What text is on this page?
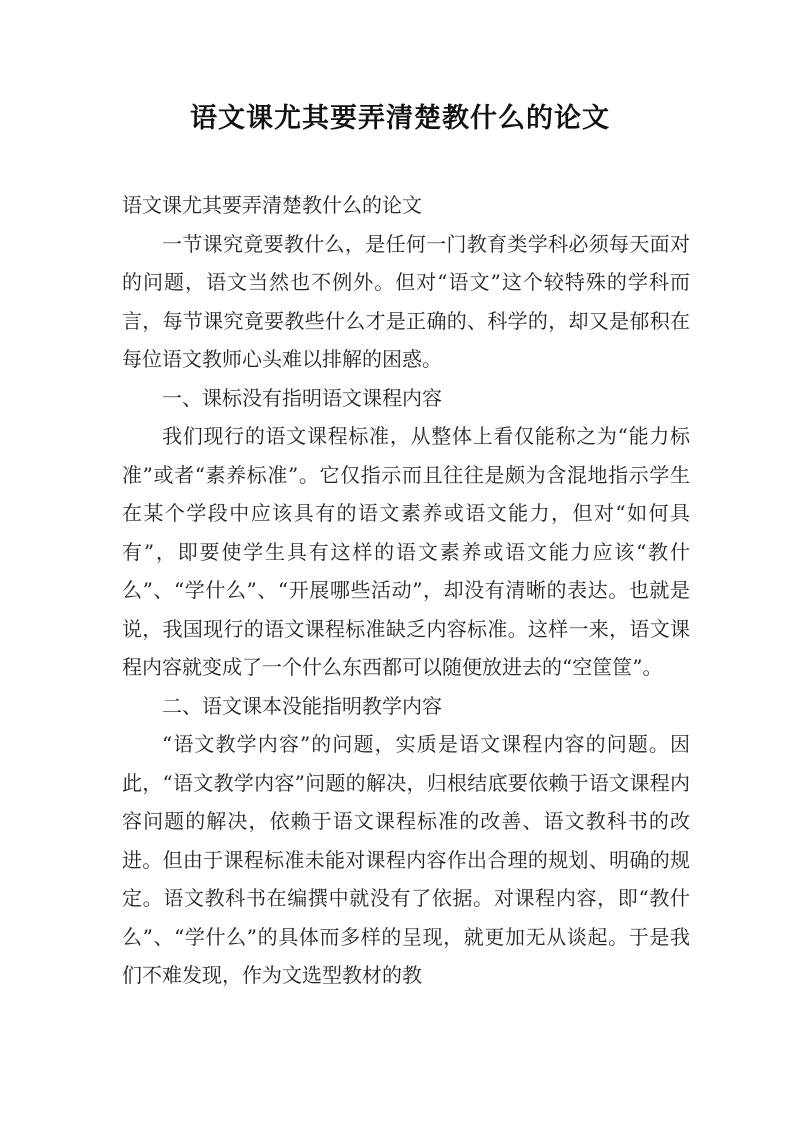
语文课尤其要弄清楚教什么的论文

语文课尤其要弄清楚教什么的论文

一节课究竟要教什么，是任何一门教育类学科必须每天面对的问题，语文当然也不例外。但对“语文”这个较特殊的学科而言，每节课究竟要教些什么才是正确的、科学的，却又是郁积在每位语文教师心头难以排解的困惑。

一、课标没有指明语文课程内容

我们现行的语文课程标准，从整体上看仅能称之为“能力标准”或者“素养标准”。它仅指示而且往往是颇为含混地指示学生在某个学段中应该具有的语文素养或语文能力，但对“如何具有”，即要使学生具有这样的语文素养或语文能力应该“教什么”、“学什么”、“开展哪些活动”，却没有清晰的表达。也就是说，我国现行的语文课程标准缺乏内容标准。这样一来，语文课程内容就变成了一个什么东西都可以随便放进去的“空筐筐”。

二、语文课本没能指明教学内容

“语文教学内容”的问题，实质是语文课程内容的问题。因此，“语文教学内容”问题的解决，归根结底要依赖于语文课程内容问题的解决，依赖于语文课程标准的改善、语文教科书的改进。但由于课程标准未能对课程内容作出合理的规划、明确的规定。语文教科书在编撰中就没有了依据。对课程内容，即“教什么”、“学什么”的具体而多样的呈现，就更加无从谈起。于是我们不难发现，作为文选型教材的教
